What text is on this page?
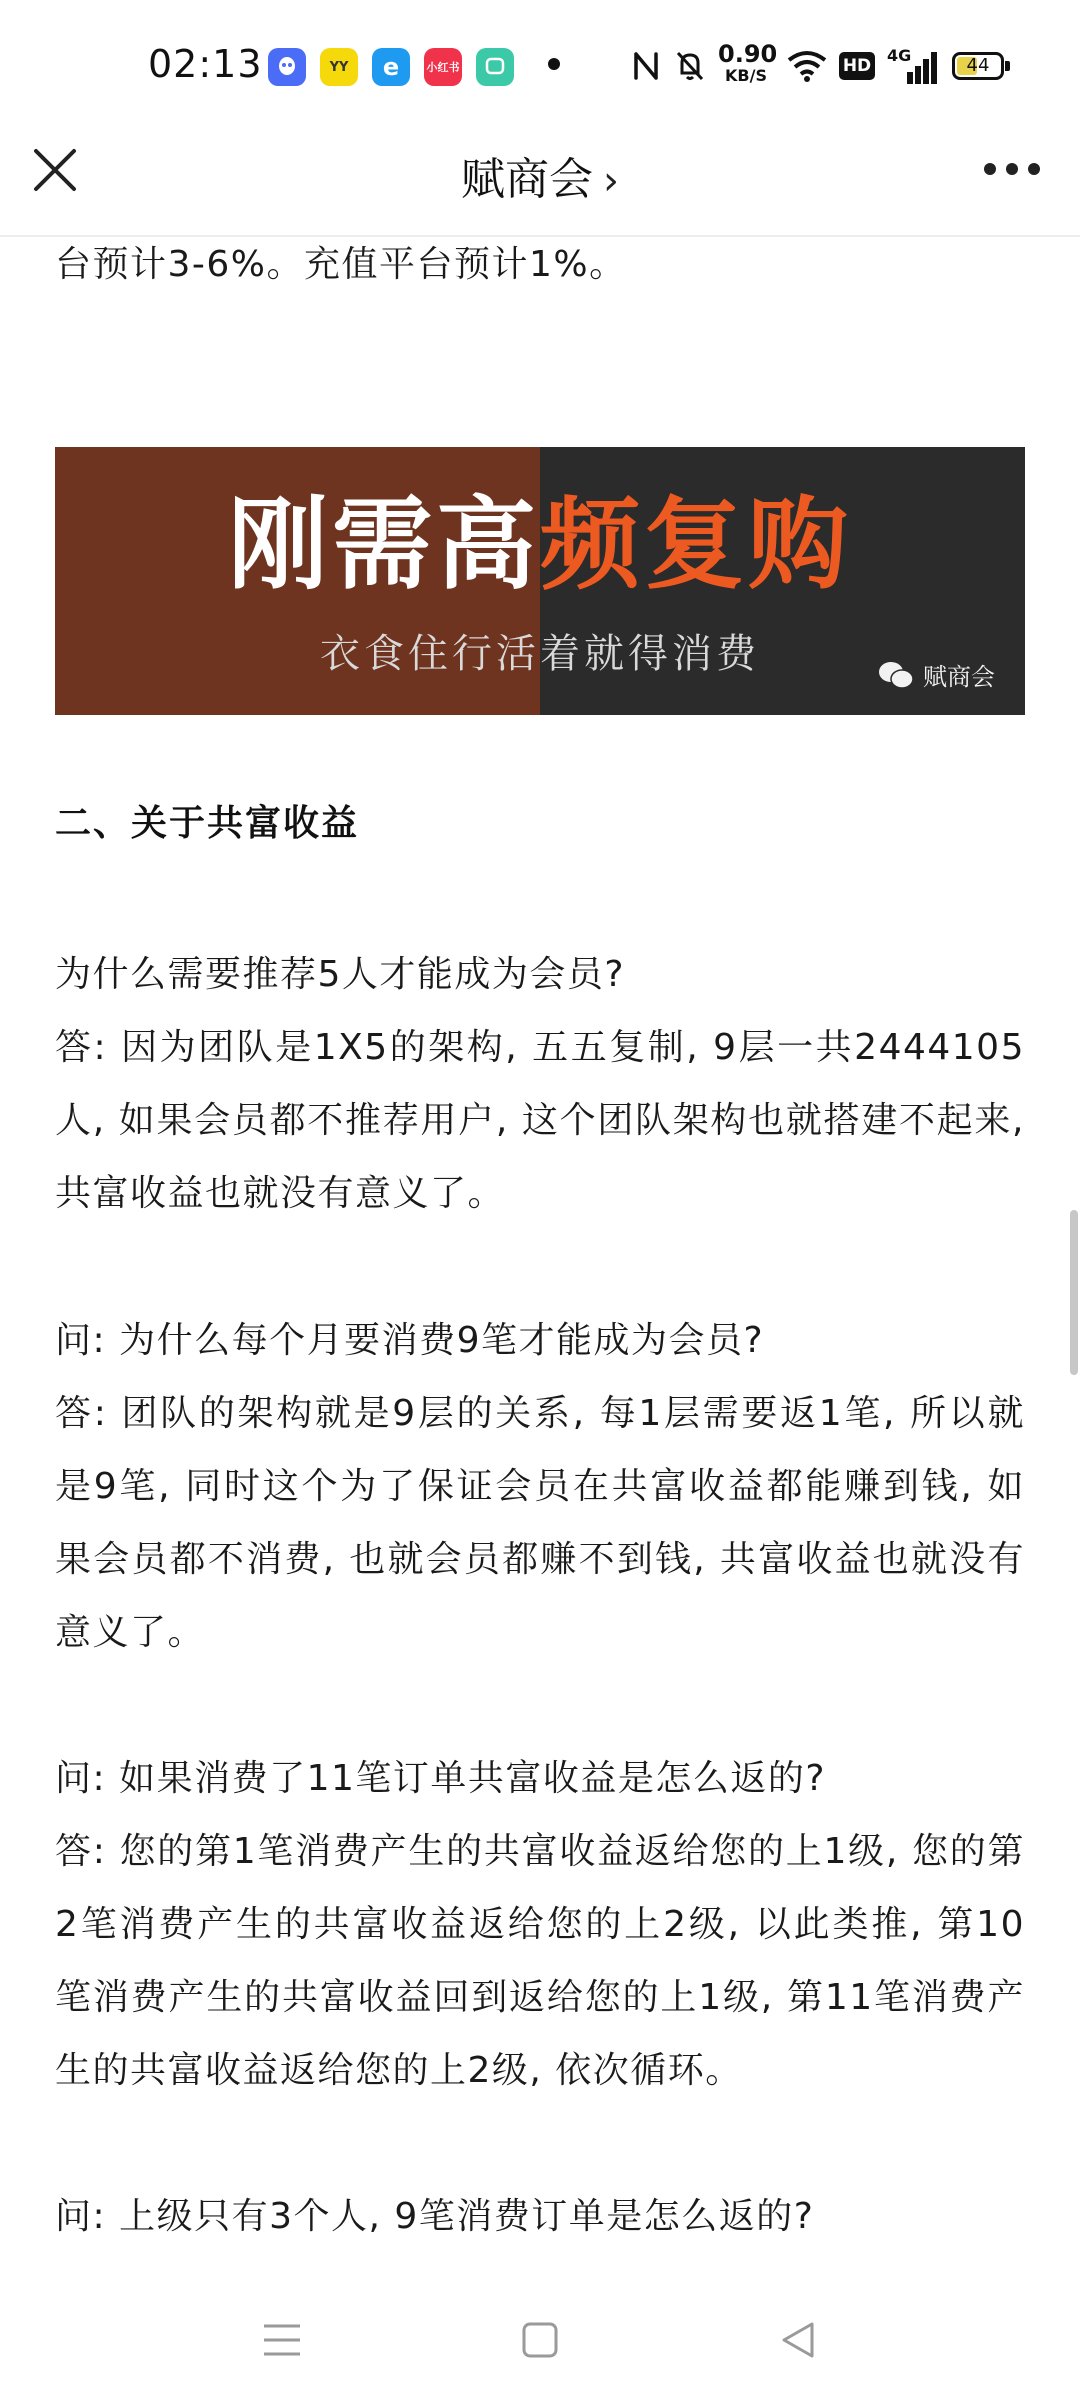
02:13	YY e 小红书	0.90
KB/S	HD
4G	44
赋商会 ›

台预计3-6%。充值平台预计1%。

刚需高频复购
衣食住行活着就得消费	赋商会
二、关于共富收益

为什么需要推荐5人才能成为会员?

答: 因为团队是1X5的架构, 五五复制, 9层一共2444105人, 如果会员都不推荐用户, 这个团队架构也就搭建不起来, 共富收益也就没有意义了。

问: 为什么每个月要消费9笔才能成为会员?

答: 团队的架构就是9层的关系, 每1层需要返1笔, 所以就是9笔, 同时这个为了保证会员在共富收益都能赚到钱, 如果会员都不消费, 也就会员都赚不到钱, 共富收益也就没有意义了。

问: 如果消费了11笔订单共富收益是怎么返的?

答: 您的第1笔消费产生的共富收益返给您的上1级, 您的第2笔消费产生的共富收益返给您的上2级, 以此类推, 第10笔消费产生的共富收益回到返给您的上1级, 第11笔消费产生的共富收益返给您的上2级, 依次循环。

问: 上级只有3个人, 9笔消费订单是怎么返的?
